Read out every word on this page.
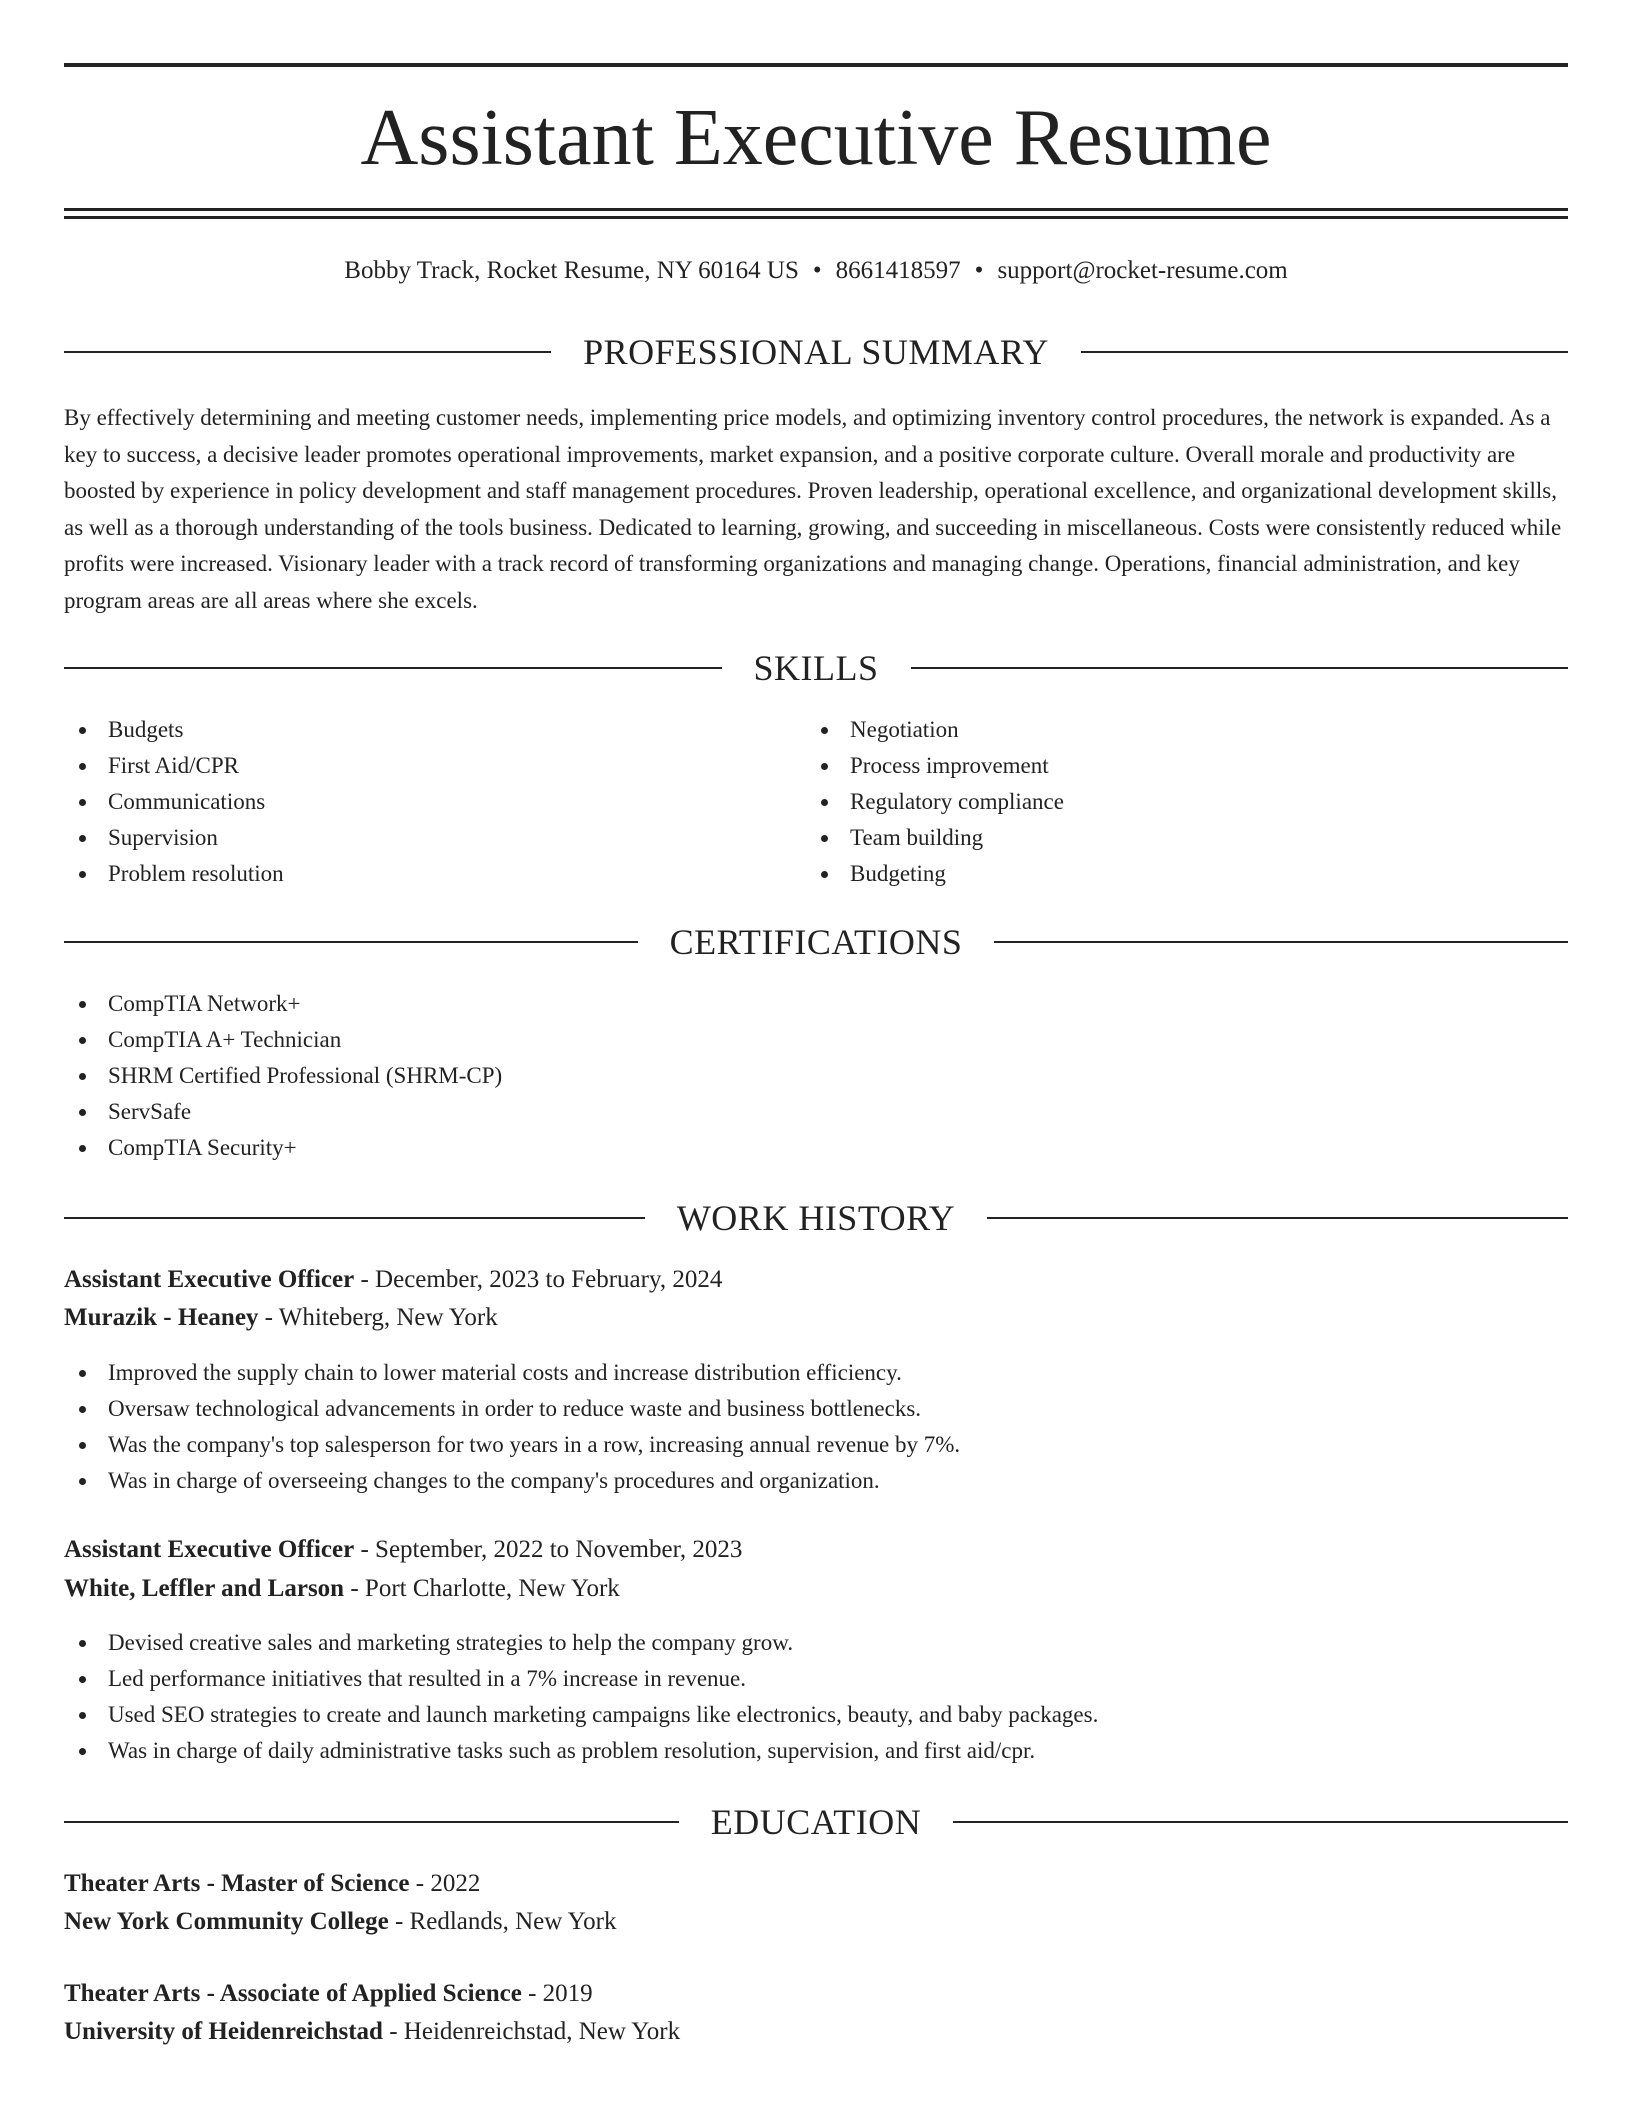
Assistant Executive Resume
Bobby Track, Rocket Resume, NY 60164 US • 8661418597 • support@rocket-resume.com
PROFESSIONAL SUMMARY

By effectively determining and meeting customer needs, implementing price models, and optimizing inventory control procedures, the network is expanded. As a key to success, a decisive leader promotes operational improvements, market expansion, and a positive corporate culture. Overall morale and productivity are boosted by experience in policy development and staff management procedures. Proven leadership, operational excellence, and organizational development skills, as well as a thorough understanding of the tools business. Dedicated to learning, growing, and succeeding in miscellaneous. Costs were consistently reduced while profits were increased. Visionary leader with a track record of transforming organizations and managing change. Operations, financial administration, and key program areas are all areas where she excels.

SKILLS
Budgets
First Aid/CPR
Communications
Supervision
Problem resolution
Negotiation
Process improvement
Regulatory compliance
Team building
Budgeting
CERTIFICATIONS
CompTIA Network+
CompTIA A+ Technician
SHRM Certified Professional (SHRM-CP)
ServSafe
CompTIA Security+
WORK HISTORY
Assistant Executive Officer - December, 2023 to February, 2024
Murazik - Heaney - Whiteberg, New York
Improved the supply chain to lower material costs and increase distribution efficiency.
Oversaw technological advancements in order to reduce waste and business bottlenecks.
Was the company's top salesperson for two years in a row, increasing annual revenue by 7%.
Was in charge of overseeing changes to the company's procedures and organization.
Assistant Executive Officer - September, 2022 to November, 2023
White, Leffler and Larson - Port Charlotte, New York
Devised creative sales and marketing strategies to help the company grow.
Led performance initiatives that resulted in a 7% increase in revenue.
Used SEO strategies to create and launch marketing campaigns like electronics, beauty, and baby packages.
Was in charge of daily administrative tasks such as problem resolution, supervision, and first aid/cpr.
EDUCATION
Theater Arts - Master of Science - 2022
New York Community College - Redlands, New York
Theater Arts - Associate of Applied Science - 2019
University of Heidenreichstad - Heidenreichstad, New York
